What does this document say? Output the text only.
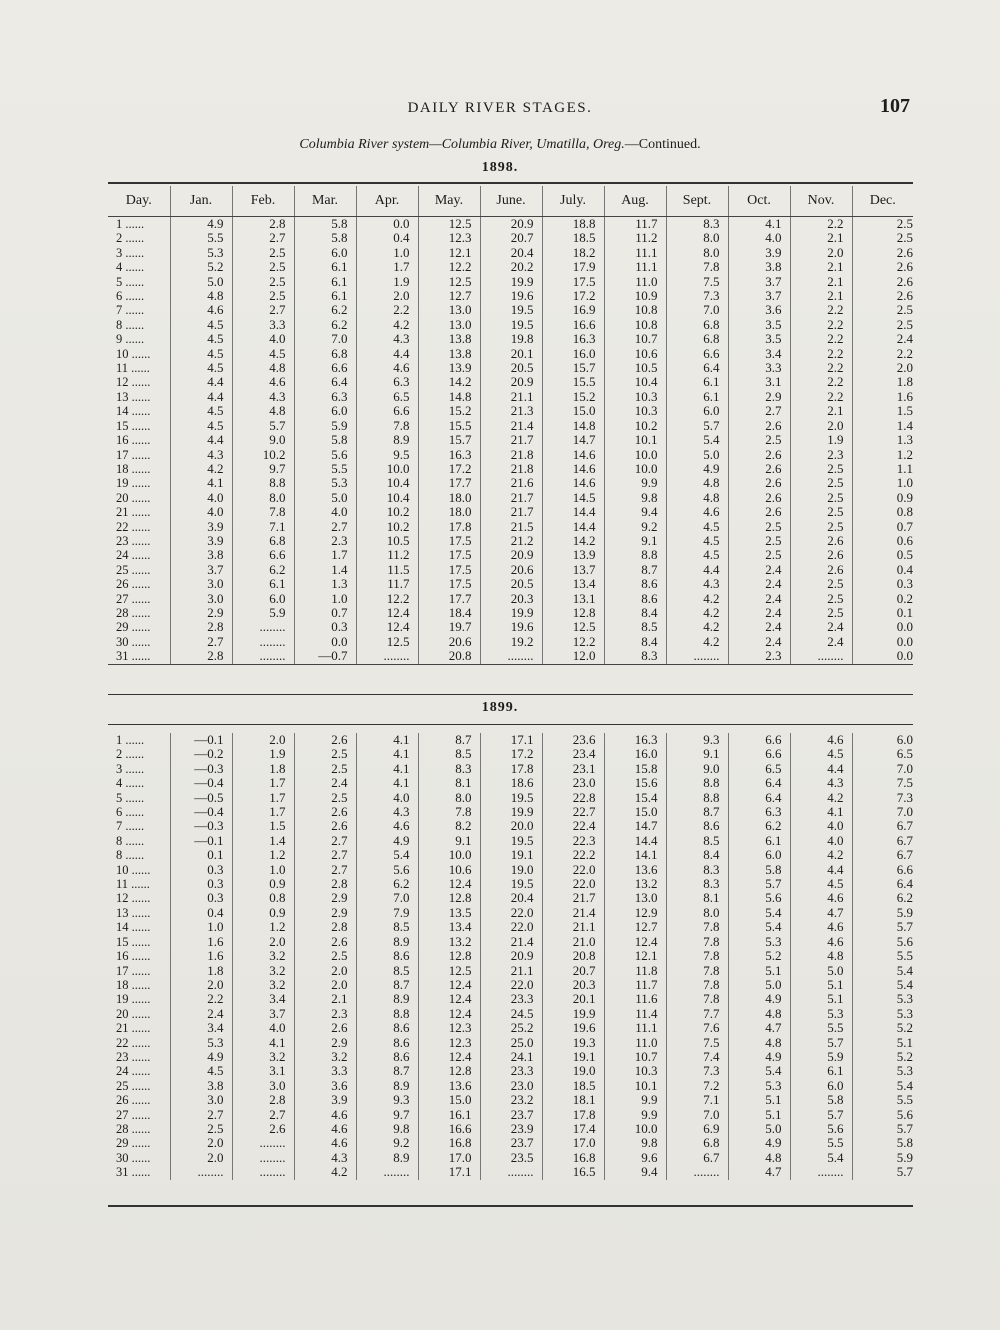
DAILY RIVER STAGES.	107
Columbia River system—Columbia River, Umatilla, Oreg.—Continued.
1898.
Day.	Jan.	Feb.	Mar.	Apr.	May.	June.	July.	Aug.	Sept.	Oct.	Nov.	Dec.
1 ......	4.9	2.8	5.8	0.0	12.5	20.9	18.8	11.7	8.3	4.1	2.2	2.5
2 ......	5.5	2.7	5.8	0.4	12.3	20.7	18.5	11.2	8.0	4.0	2.1	2.5
3 ......	5.3	2.5	6.0	1.0	12.1	20.4	18.2	11.1	8.0	3.9	2.0	2.6
4 ......	5.2	2.5	6.1	1.7	12.2	20.2	17.9	11.1	7.8	3.8	2.1	2.6
5 ......	5.0	2.5	6.1	1.9	12.5	19.9	17.5	11.0	7.5	3.7	2.1	2.6
6 ......	4.8	2.5	6.1	2.0	12.7	19.6	17.2	10.9	7.3	3.7	2.1	2.6
7 ......	4.6	2.7	6.2	2.2	13.0	19.5	16.9	10.8	7.0	3.6	2.2	2.5
8 ......	4.5	3.3	6.2	4.2	13.0	19.5	16.6	10.8	6.8	3.5	2.2	2.5
9 ......	4.5	4.0	7.0	4.3	13.8	19.8	16.3	10.7	6.8	3.5	2.2	2.4
10 ......	4.5	4.5	6.8	4.4	13.8	20.1	16.0	10.6	6.6	3.4	2.2	2.2
11 ......	4.5	4.8	6.6	4.6	13.9	20.5	15.7	10.5	6.4	3.3	2.2	2.0
12 ......	4.4	4.6	6.4	6.3	14.2	20.9	15.5	10.4	6.1	3.1	2.2	1.8
13 ......	4.4	4.3	6.3	6.5	14.8	21.1	15.2	10.3	6.1	2.9	2.2	1.6
14 ......	4.5	4.8	6.0	6.6	15.2	21.3	15.0	10.3	6.0	2.7	2.1	1.5
15 ......	4.5	5.7	5.9	7.8	15.5	21.4	14.8	10.2	5.7	2.6	2.0	1.4
16 ......	4.4	9.0	5.8	8.9	15.7	21.7	14.7	10.1	5.4	2.5	1.9	1.3
17 ......	4.3	10.2	5.6	9.5	16.3	21.8	14.6	10.0	5.0	2.6	2.3	1.2
18 ......	4.2	9.7	5.5	10.0	17.2	21.8	14.6	10.0	4.9	2.6	2.5	1.1
19 ......	4.1	8.8	5.3	10.4	17.7	21.6	14.6	9.9	4.8	2.6	2.5	1.0
20 ......	4.0	8.0	5.0	10.4	18.0	21.7	14.5	9.8	4.8	2.6	2.5	0.9
21 ......	4.0	7.8	4.0	10.2	18.0	21.7	14.4	9.4	4.6	2.6	2.5	0.8
22 ......	3.9	7.1	2.7	10.2	17.8	21.5	14.4	9.2	4.5	2.5	2.5	0.7
23 ......	3.9	6.8	2.3	10.5	17.5	21.2	14.2	9.1	4.5	2.5	2.6	0.6
24 ......	3.8	6.6	1.7	11.2	17.5	20.9	13.9	8.8	4.5	2.5	2.6	0.5
25 ......	3.7	6.2	1.4	11.5	17.5	20.6	13.7	8.7	4.4	2.4	2.6	0.4
26 ......	3.0	6.1	1.3	11.7	17.5	20.5	13.4	8.6	4.3	2.4	2.5	0.3
27 ......	3.0	6.0	1.0	12.2	17.7	20.3	13.1	8.6	4.2	2.4	2.5	0.2
28 ......	2.9	5.9	0.7	12.4	18.4	19.9	12.8	8.4	4.2	2.4	2.5	0.1
29 ......	2.8	........	0.3	12.4	19.7	19.6	12.5	8.5	4.2	2.4	2.4	0.0
30 ......	2.7	........	0.0	12.5	20.6	19.2	12.2	8.4	4.2	2.4	2.4	0.0
31 ......	2.8	........	—0.7	........	20.8	........	12.0	8.3	........	2.3	........	0.0
1899.
1 ......	—0.1	2.0	2.6	4.1	8.7	17.1	23.6	16.3	9.3	6.6	4.6	6.0
2 ......	—0.2	1.9	2.5	4.1	8.5	17.2	23.4	16.0	9.1	6.6	4.5	6.5
3 ......	—0.3	1.8	2.5	4.1	8.3	17.8	23.1	15.8	9.0	6.5	4.4	7.0
4 ......	—0.4	1.7	2.4	4.1	8.1	18.6	23.0	15.6	8.8	6.4	4.3	7.5
5 ......	—0.5	1.7	2.5	4.0	8.0	19.5	22.8	15.4	8.8	6.4	4.2	7.3
6 ......	—0.4	1.7	2.6	4.3	7.8	19.9	22.7	15.0	8.7	6.3	4.1	7.0
7 ......	—0.3	1.5	2.6	4.6	8.2	20.0	22.4	14.7	8.6	6.2	4.0	6.7
8 ......	—0.1	1.4	2.7	4.9	9.1	19.5	22.3	14.4	8.5	6.1	4.0	6.7
8 ......	0.1	1.2	2.7	5.4	10.0	19.1	22.2	14.1	8.4	6.0	4.2	6.7
10 ......	0.3	1.0	2.7	5.6	10.6	19.0	22.0	13.6	8.3	5.8	4.4	6.6
11 ......	0.3	0.9	2.8	6.2	12.4	19.5	22.0	13.2	8.3	5.7	4.5	6.4
12 ......	0.3	0.8	2.9	7.0	12.8	20.4	21.7	13.0	8.1	5.6	4.6	6.2
13 ......	0.4	0.9	2.9	7.9	13.5	22.0	21.4	12.9	8.0	5.4	4.7	5.9
14 ......	1.0	1.2	2.8	8.5	13.4	22.0	21.1	12.7	7.8	5.4	4.6	5.7
15 ......	1.6	2.0	2.6	8.9	13.2	21.4	21.0	12.4	7.8	5.3	4.6	5.6
16 ......	1.6	3.2	2.5	8.6	12.8	20.9	20.8	12.1	7.8	5.2	4.8	5.5
17 ......	1.8	3.2	2.0	8.5	12.5	21.1	20.7	11.8	7.8	5.1	5.0	5.4
18 ......	2.0	3.2	2.0	8.7	12.4	22.0	20.3	11.7	7.8	5.0	5.1	5.4
19 ......	2.2	3.4	2.1	8.9	12.4	23.3	20.1	11.6	7.8	4.9	5.1	5.3
20 ......	2.4	3.7	2.3	8.8	12.4	24.5	19.9	11.4	7.7	4.8	5.3	5.3
21 ......	3.4	4.0	2.6	8.6	12.3	25.2	19.6	11.1	7.6	4.7	5.5	5.2
22 ......	5.3	4.1	2.9	8.6	12.3	25.0	19.3	11.0	7.5	4.8	5.7	5.1
23 ......	4.9	3.2	3.2	8.6	12.4	24.1	19.1	10.7	7.4	4.9	5.9	5.2
24 ......	4.5	3.1	3.3	8.7	12.8	23.3	19.0	10.3	7.3	5.4	6.1	5.3
25 ......	3.8	3.0	3.6	8.9	13.6	23.0	18.5	10.1	7.2	5.3	6.0	5.4
26 ......	3.0	2.8	3.9	9.3	15.0	23.2	18.1	9.9	7.1	5.1	5.8	5.5
27 ......	2.7	2.7	4.6	9.7	16.1	23.7	17.8	9.9	7.0	5.1	5.7	5.6
28 ......	2.5	2.6	4.6	9.8	16.6	23.9	17.4	10.0	6.9	5.0	5.6	5.7
29 ......	2.0	........	4.6	9.2	16.8	23.7	17.0	9.8	6.8	4.9	5.5	5.8
30 ......	2.0	........	4.3	8.9	17.0	23.5	16.8	9.6	6.7	4.8	5.4	5.9
31 ......	........	........	4.2	........	17.1	........	16.5	9.4	........	4.7	........	5.7
